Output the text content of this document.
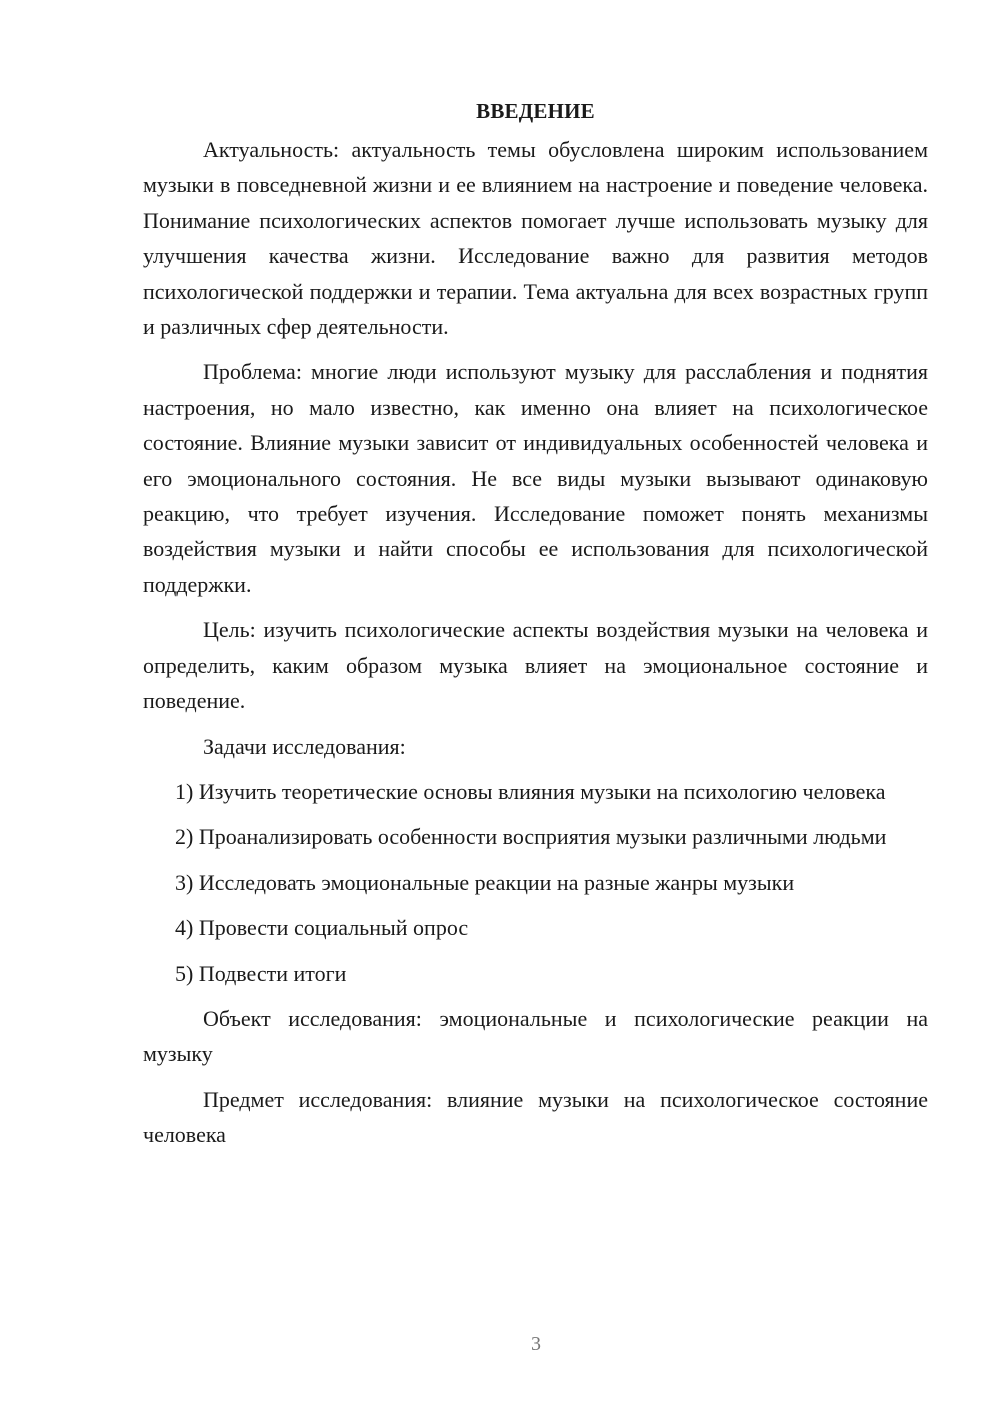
ВВЕДЕНИЕ

Актуальность: актуальность темы обусловлена широким использованием музыки в повседневной жизни и ее влиянием на настроение и поведение человека. Понимание психологических аспектов помогает лучше использовать музыку для улучшения качества жизни. Исследование важно для развития методов психологической поддержки и терапии. Тема актуальна для всех возрастных групп и различных сфер деятельности.

Проблема: многие люди используют музыку для расслабления и поднятия настроения, но мало известно, как именно она влияет на психологическое состояние. Влияние музыки зависит от индивидуальных особенностей человека и его эмоционального состояния. Не все виды музыки вызывают одинаковую реакцию, что требует изучения. Исследование поможет понять механизмы воздействия музыки и найти способы ее использования для психологической поддержки.

Цель: изучить психологические аспекты воздействия музыки на человека и определить, каким образом музыка влияет на эмоциональное состояние и поведение.

Задачи исследования:

1) Изучить теоретические основы влияния музыки на психологию человека

2) Проанализировать особенности восприятия музыки различными людьми

3) Исследовать эмоциональные реакции на разные жанры музыки

4) Провести социальный опрос

5) Подвести итоги

Объект исследования: эмоциональные и психологические реакции на музыку

Предмет исследования: влияние музыки на психологическое состояние человека

3
